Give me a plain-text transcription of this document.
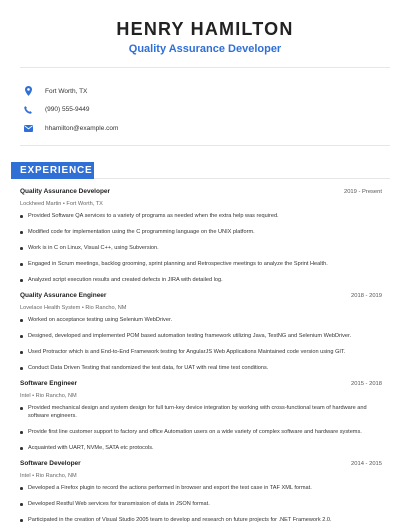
HENRY HAMILTON
Quality Assurance Developer
Fort Worth, TX
(990) 555-9449
hhamilton@example.com
EXPERIENCE
Quality Assurance Developer	2019 - Present
Lockheed Martin • Fort Worth, TX
Provided Software QA services to a variety of programs as needed when the extra help was required.
Modified code for implementation using the C programming language on the UNIX platform.
Work is in C on Linux, Visual C++, using Subversion.
Engaged in Scrum meetings, backlog grooming, sprint planning and Retrospective meetings to analyze the Sprint Health.
Analyzed script execution results and created defects in JIRA with detailed log.
Quality Assurance Engineer	2018 - 2019
Lovelace Health System • Rio Rancho, NM
Worked on acceptance testing using Selenium WebDriver.
Designed, developed and implemented POM based automation testing framework utilizing Java, TestNG and Selenium WebDriver.
Used Protractor which is and End-to-End Framework testing for AngularJS Web Applications Maintained code version using GIT.
Conduct Data Driven Testing that randomized the test data, for UAT with real time test conditions.
Software Engineer	2015 - 2018
Intel • Rio Rancho, NM
Provided mechanical design and system design for full turn-key device integration by working with cross-functional team of hardware and software engineers.
Provide first line customer support to factory and office Automation users on a wide variety of complex software and hardware systems.
Acquainted with UART, NVMe, SATA etc protocols.
Software Developer	2014 - 2015
Intel • Rio Rancho, NM
Developed a Firefox plugin to record the actions performed in browser and export the test case in TAF XML format.
Developed Restful Web services for transmission of data in JSON format.
Participated in the creation of Visual Studio 2005 team to develop and research on future projects for .NET Framework 2.0.
